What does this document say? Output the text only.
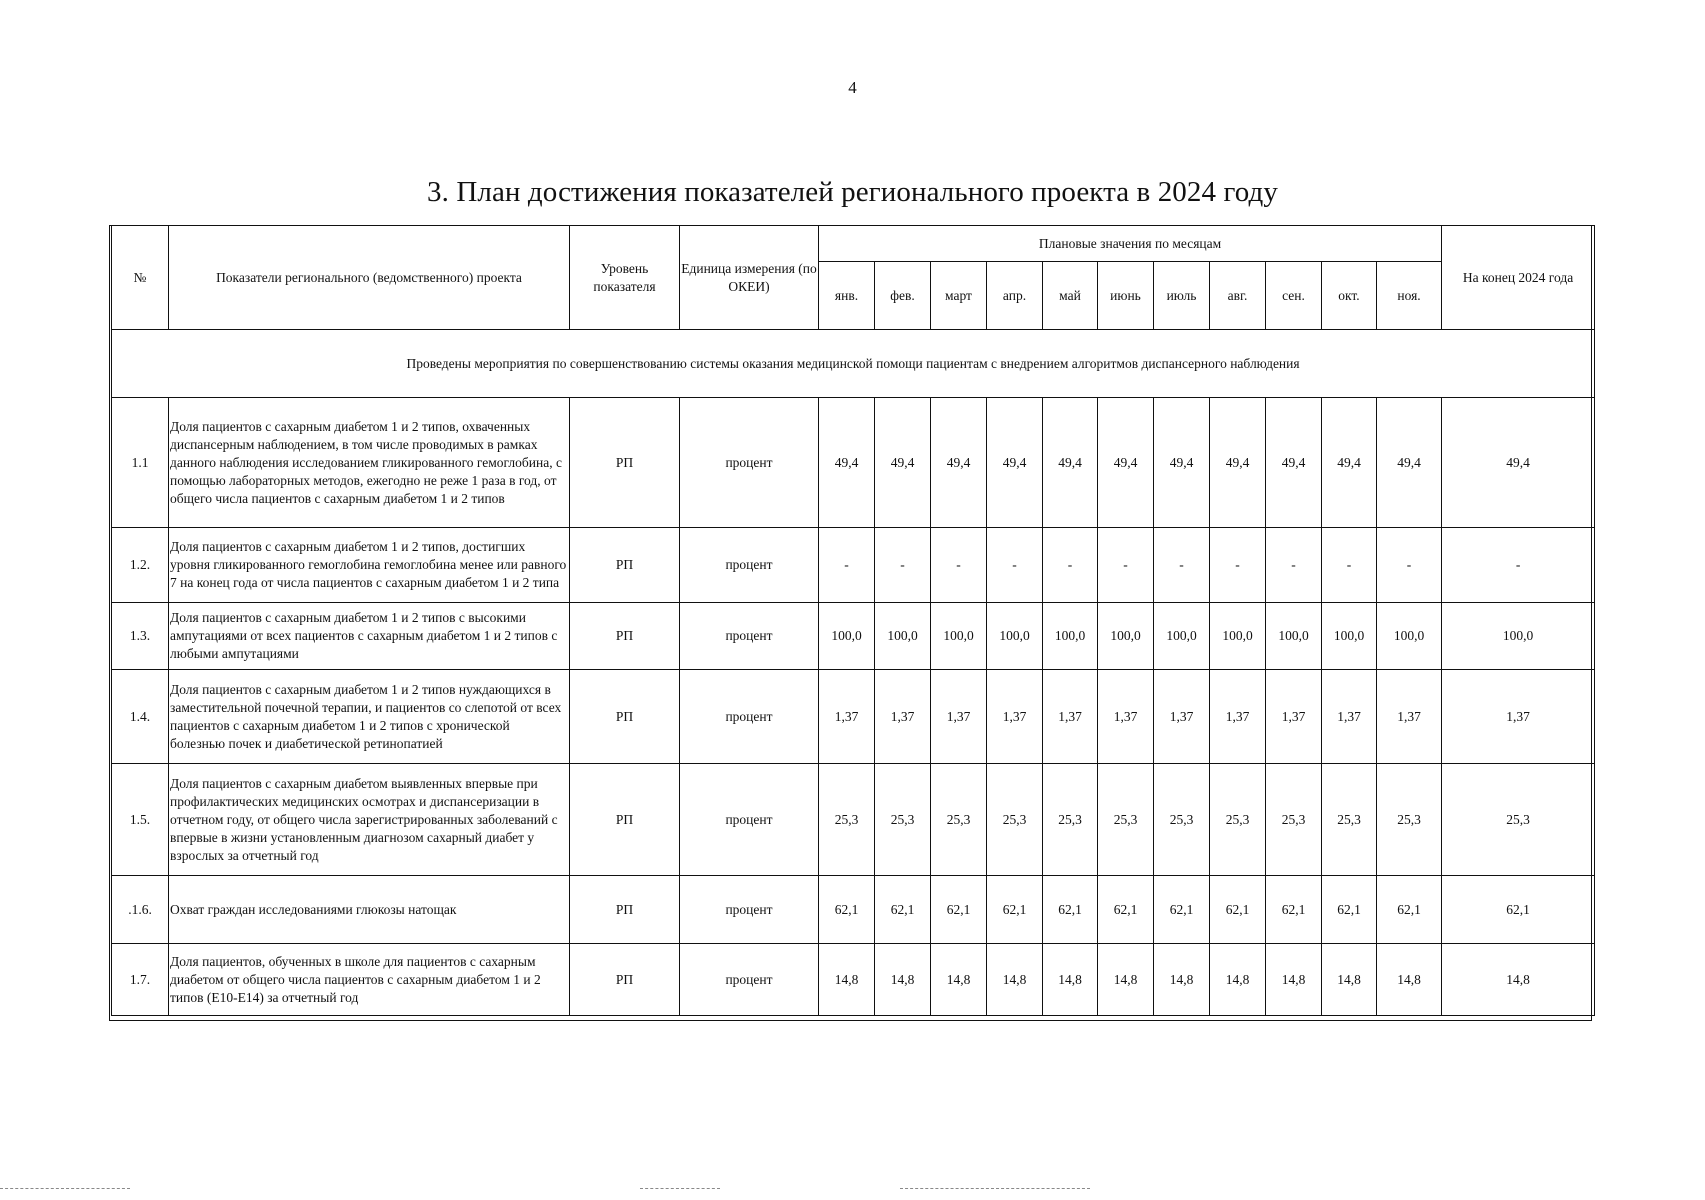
4
3. План достижения показателей регионального проекта в 2024 году
№	Показатели регионального (ведомственного) проекта	Уровень показателя	Единица измерения (по ОКЕИ)	Плановые значения по месяцам											На конец 2024 года
				янв.	фев.	март	апр.	май	июнь	июль	авг.	сен.	окт.	ноя.	
Проведены мероприятия по совершенствованию системы оказания медицинской помощи пациентам с внедрением алгоритмов диспансерного наблюдения															
1.1	Доля пациентов с сахарным диабетом 1 и 2 типов, охваченных диспансерным наблюдением, в том числе проводимых в рамках данного наблюдения исследованием гликированного гемоглобина, с помощью лабораторных методов, ежегодно не реже 1 раза в год, от общего числа пациентов с сахарным диабетом 1 и 2 типов	РП	процент	49,4	49,4	49,4	49,4	49,4	49,4	49,4	49,4	49,4	49,4	49,4	49,4
1.2.	Доля пациентов с сахарным диабетом 1 и 2 типов, достигших уровня гликированного гемоглобина гемоглобина менее или равного 7 на конец года от числа пациентов с сахарным диабетом 1 и 2 типа	РП	процент	-	-	-	-	-	-	-	-	-	-	-	-
1.3.	Доля пациентов с сахарным диабетом 1 и 2 типов с высокими ампутациями от всех пациентов с сахарным диабетом 1 и 2 типов с любыми ампутациями	РП	процент	100,0	100,0	100,0	100,0	100,0	100,0	100,0	100,0	100,0	100,0	100,0	100,0
1.4.	Доля пациентов с сахарным диабетом 1 и 2 типов нуждающихся в заместительной почечной терапии, и пациентов со слепотой от всех пациентов с сахарным диабетом 1 и 2 типов с хронической болезнью почек и диабетической ретинопатией	РП	процент	1,37	1,37	1,37	1,37	1,37	1,37	1,37	1,37	1,37	1,37	1,37	1,37
1.5.	Доля пациентов с сахарным диабетом выявленных впервые при профилактических медицинских осмотрах и диспансеризации в отчетном году, от общего числа зарегистрированных заболеваний с впервые в жизни установленным диагнозом сахарный диабет у взрослых за отчетный год	РП	процент	25,3	25,3	25,3	25,3	25,3	25,3	25,3	25,3	25,3	25,3	25,3	25,3
.1.6.	Охват граждан исследованиями глюкозы натощак	РП	процент	62,1	62,1	62,1	62,1	62,1	62,1	62,1	62,1	62,1	62,1	62,1	62,1
1.7.	Доля пациентов, обученных в школе для пациентов с сахарным диабетом от общего числа пациентов с сахарным диабетом 1 и 2 типов (Е10-Е14) за отчетный год	РП	процент	14,8	14,8	14,8	14,8	14,8	14,8	14,8	14,8	14,8	14,8	14,8	14,8
